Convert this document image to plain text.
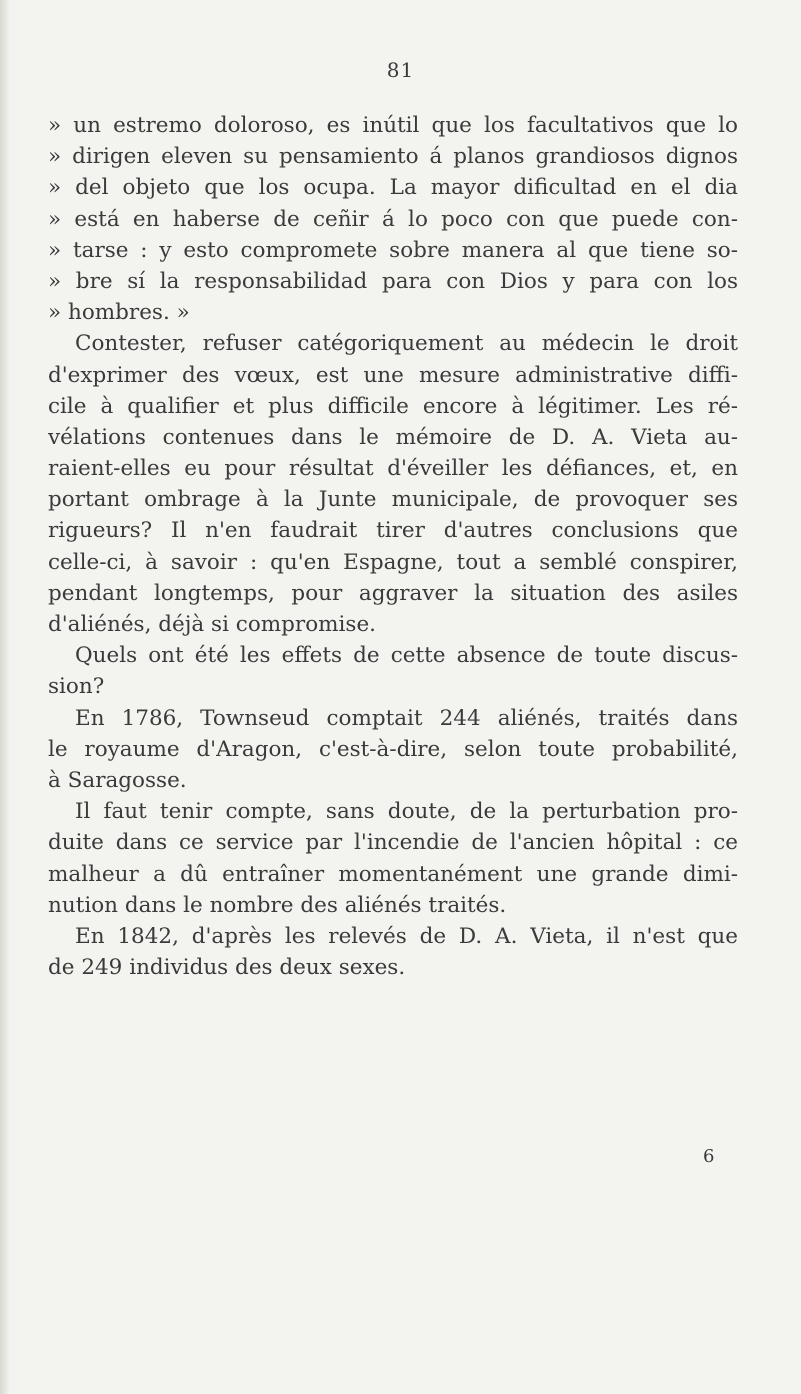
81
» un estremo doloroso, es inútil que los facultativos que lo
» dirigen eleven su pensamiento á planos grandiosos dignos
» del objeto que los ocupa. La mayor dificultad en el dia
» está en haberse de ceñir á lo poco con que puede con-
» tarse : y esto compromete sobre manera al que tiene so-
» bre sí la responsabilidad para con Dios y para con los
» hombres. »
Contester, refuser catégoriquement au médecin le droit
d'exprimer des vœux, est une mesure administrative diffi-
cile à qualifier et plus difficile encore à légitimer. Les ré-
vélations contenues dans le mémoire de D. A. Vieta au-
raient-elles eu pour résultat d'éveiller les défiances, et, en
portant ombrage à la Junte municipale, de provoquer ses
rigueurs? Il n'en faudrait tirer d'autres conclusions que
celle-ci, à savoir : qu'en Espagne, tout a semblé conspirer,
pendant longtemps, pour aggraver la situation des asiles
d'aliénés, déjà si compromise.
Quels ont été les effets de cette absence de toute discus-
sion?
En 1786, Townseud comptait 244 aliénés, traités dans
le royaume d'Aragon, c'est-à-dire, selon toute probabilité,
à Saragosse.
Il faut tenir compte, sans doute, de la perturbation pro-
duite dans ce service par l'incendie de l'ancien hôpital : ce
malheur a dû entraîner momentanément une grande dimi-
nution dans le nombre des aliénés traités.
En 1842, d'après les relevés de D. A. Vieta, il n'est que
de 249 individus des deux sexes.
6
